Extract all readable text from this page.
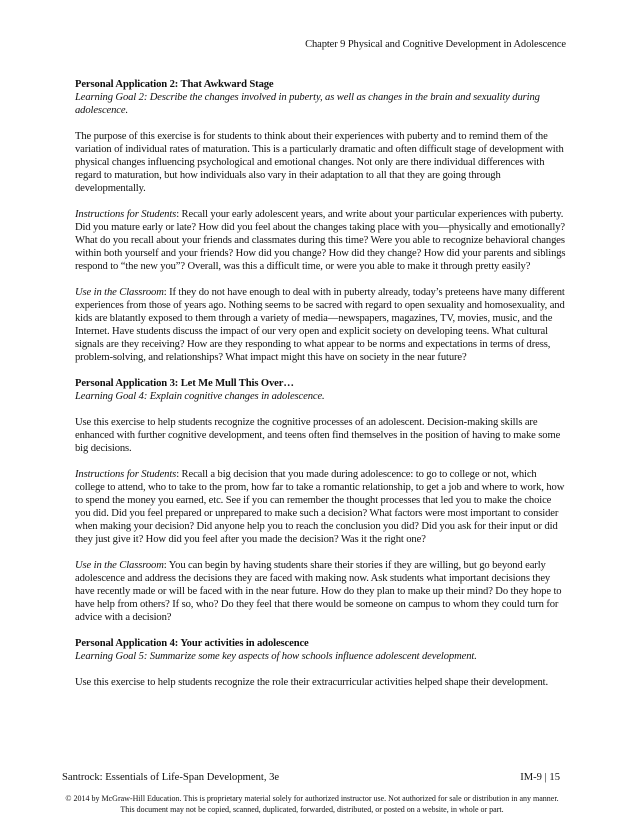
Chapter 9 Physical and Cognitive Development in Adolescence

Personal Application 2: That Awkward Stage
Learning Goal 2: Describe the changes involved in puberty, as well as changes in the brain and sexuality during adolescence.

The purpose of this exercise is for students to think about their experiences with puberty and to remind them of the variation of individual rates of maturation. This is a particularly dramatic and often difficult stage of development with physical changes influencing psychological and emotional changes. Not only are there individual differences with regard to maturation, but how individuals also vary in their adaptation to all that they are going through developmentally.

Instructions for Students: Recall your early adolescent years, and write about your particular experiences with puberty. Did you mature early or late? How did you feel about the changes taking place with you—physically and emotionally? What do you recall about your friends and classmates during this time? Were you able to recognize behavioral changes within both yourself and your friends? How did you change? How did they change? How did your parents and siblings respond to “the new you”? Overall, was this a difficult time, or were you able to make it through pretty easily?

Use in the Classroom: If they do not have enough to deal with in puberty already, today’s preteens have many different experiences from those of years ago. Nothing seems to be sacred with regard to open sexuality and homosexuality, and kids are blatantly exposed to them through a variety of media—newspapers, magazines, TV, movies, music, and the Internet. Have students discuss the impact of our very open and explicit society on developing teens. What cultural signals are they receiving? How are they responding to what appear to be norms and expectations in terms of dress, problem-solving, and relationships? What impact might this have on society in the near future?

Personal Application 3: Let Me Mull This Over…
Learning Goal 4: Explain cognitive changes in adolescence.

Use this exercise to help students recognize the cognitive processes of an adolescent. Decision-making skills are enhanced with further cognitive development, and teens often find themselves in the position of having to make some big decisions.

Instructions for Students: Recall a big decision that you made during adolescence: to go to college or not, which college to attend, who to take to the prom, how far to take a romantic relationship, to get a job and where to work, how to spend the money you earned, etc. See if you can remember the thought processes that led you to make the choice you did. Did you feel prepared or unprepared to make such a decision? What factors were most important to consider when making your decision? Did anyone help you to reach the conclusion you did? Did you ask for their input or did they just give it? How did you feel after you made the decision? Was it the right one?

Use in the Classroom: You can begin by having students share their stories if they are willing, but go beyond early adolescence and address the decisions they are faced with making now. Ask students what important decisions they have recently made or will be faced with in the near future. How do they plan to make up their mind? Do they hope to have help from others? If so, who? Do they feel that there would be someone on campus to whom they could turn for advice with a decision?

Personal Application 4: Your activities in adolescence
Learning Goal 5: Summarize some key aspects of how schools influence adolescent development.

Use this exercise to help students recognize the role their extracurricular activities helped shape their development.

Santrock: Essentials of Life-Span Development, 3e	IM-9 | 15
© 2014 by McGraw-Hill Education. This is proprietary material solely for authorized instructor use. Not authorized for sale or distribution in any manner. This document may not be copied, scanned, duplicated, forwarded, distributed, or posted on a website, in whole or part.
